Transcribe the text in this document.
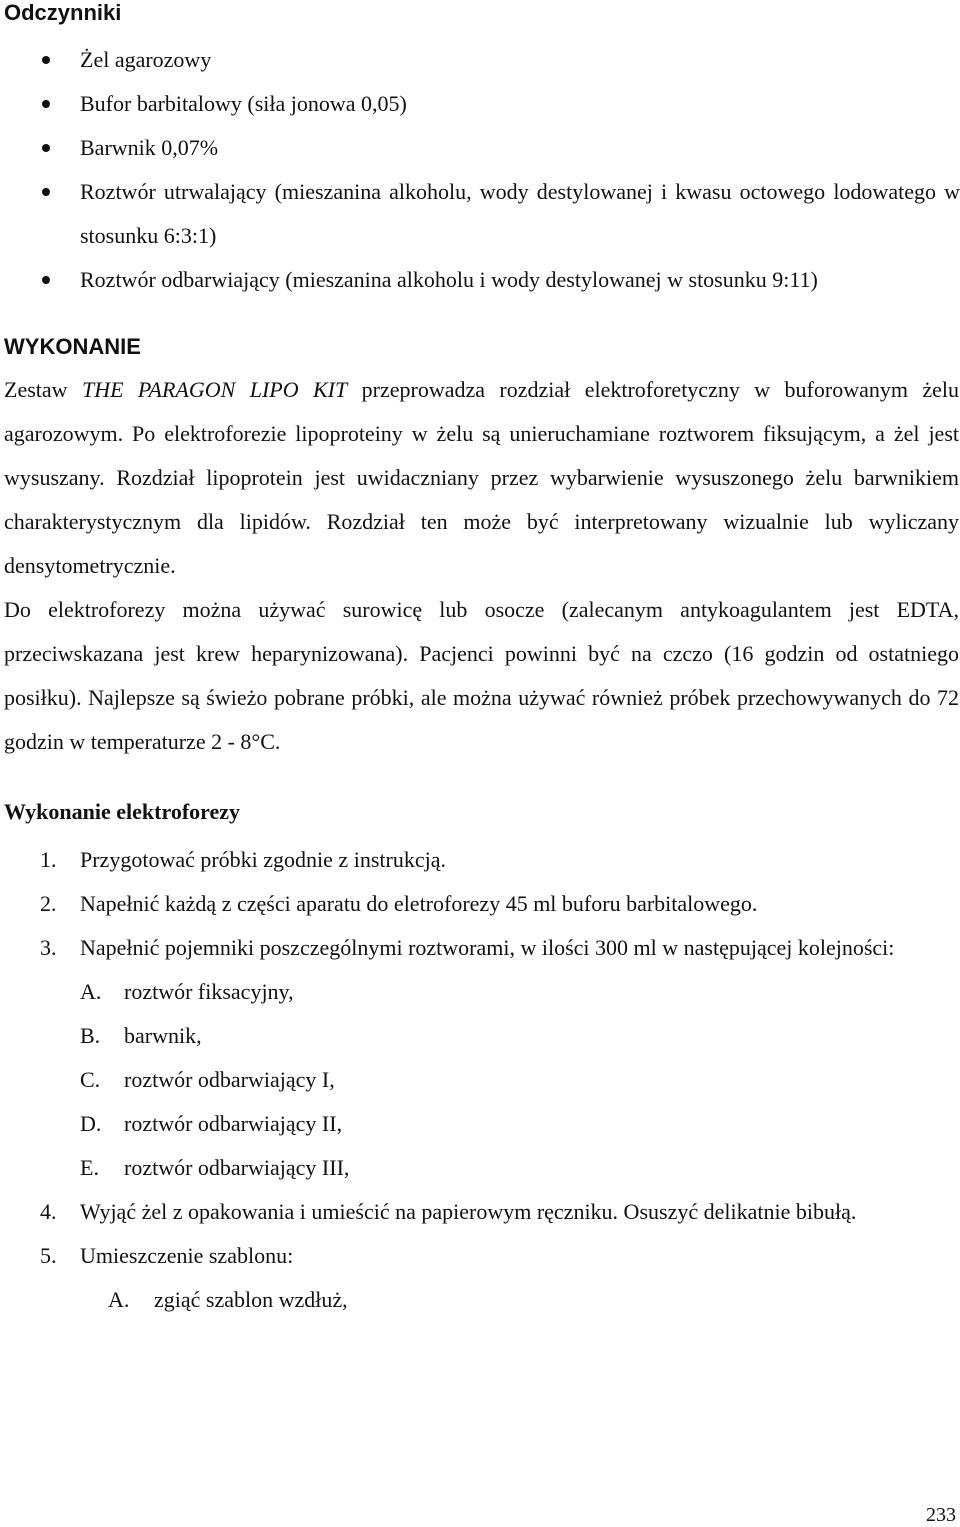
Odczynniki
Żel agarozowy
Bufor barbitalowy (siła jonowa 0,05)
Barwnik 0,07%
Roztwór utrwalający (mieszanina alkoholu, wody destylowanej i kwasu octowego lodowatego w stosunku 6:3:1)
Roztwór odbarwiający (mieszanina alkoholu i wody destylowanej w stosunku 9:11)
WYKONANIE

Zestaw THE PARAGON LIPO KIT przeprowadza rozdział elektroforetyczny w buforowanym żelu agarozowym. Po elektroforezie lipoproteiny w żelu są unieruchamiane roztworem fiksującym, a żel jest wysuszany. Rozdział lipoprotein jest uwidaczniany przez wybarwienie wysuszonego żelu barwnikiem charakterystycznym dla lipidów. Rozdział ten może być interpretowany wizualnie lub wyliczany densytometrycznie.

Do elektroforezy można używać surowicę lub osocze (zalecanym antykoagulantem jest EDTA, przeciwskazana jest krew heparynizowana). Pacjenci powinni być na czczo (16 godzin od ostatniego posiłku). Najlepsze są świeżo pobrane próbki, ale można używać również próbek przechowywanych do 72 godzin w temperaturze 2 - 8°C.

Wykonanie elektroforezy
1. Przygotować próbki zgodnie z instrukcją.
2. Napełnić każdą z części aparatu do eletroforezy 45 ml buforu barbitalowego.
3. Napełnić pojemniki poszczególnymi roztworami, w ilości 300 ml w następującej kolejności:
A. roztwór fiksacyjny,
B. barwnik,
C. roztwór odbarwiający I,
D. roztwór odbarwiający II,
E. roztwór odbarwiający III,
4. Wyjąć żel z opakowania i umieścić na papierowym ręczniku. Osuszyć delikatnie bibułą.
5. Umieszczenie szablonu:
A. zgiąć szablon wzdłuż,
233
